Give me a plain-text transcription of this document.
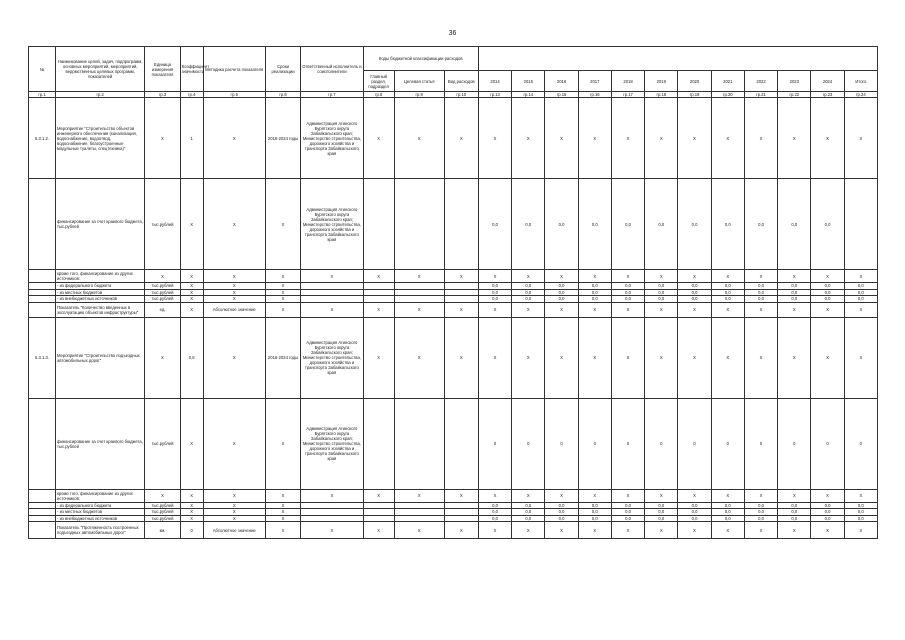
36
№	Наименование целей, задач, подпрограмм, основных мероприятий, мероприятий, ведомственных целевых программ, показателей	Единица измерения показателя	Коэффициент значимости	Методика расчета показателя	Сроки реализации	Ответственный исполнитель и соисполнители	Коды бюджетной классификации расходов														
							Главный раздел, подраздел	Целевая статья	Вид расходов	2014	2015	2016	2017	2018	2019	2020	2021	2022	2023	2024	Итого
гр.1	гр.2	гр.3	гр.4	гр.5	гр.6	гр.7	гр.8	гр.9	гр.10	гр.13	гр.14	гр.15	гр.16	гр.17	гр.18	гр.19	гр.20	гр.21	гр.22	гр.23	гр.24
5.3.1.2.	Мероприятие "Строительство объектов инженерного обеспечения (канализация, водоснабжение, водоотвод, водоснабжение, благоустроенные модульные туалеты, спецтехника)"	X	1	X	2016-2024 годы	Администрация Агинского Бурятского округа Забайкальского края; Министерство строительства, дорожного хозяйства и транспорта Забайкальского края	X	X	X	X	X	X	X	X	X	X	X	X	X	X	X
	финансирование за счет краевого бюджета, тыс.рублей	тыс.рублей	X	X	X	Администрация Агинского Бурятского округа Забайкальского края; Министерство строительства, дорожного хозяйства и транспорта Забайкальского края				0,0	0,0	0,0	0,0	0,0	0,0	0,0	0,0	0,0	0,0	0,0	
	кроме того, финансирование из других источников:	X	X	X	X	X	X	X	X	X	X	X	X	X	X	X	X	X	X	X	X
	- из федерального бюджета	тыс.рублей	X	X	X					0,0	0,0	0,0	0,0	0,0	0,0	0,0	0,0	0,0	0,0	0,0	0,0
	- из местных бюджетов	тыс.рублей	X	X	X					0,0	0,0	0,0	0,0	0,0	0,0	0,0	0,0	0,0	0,0	0,0	0,0
	- из внебюджетных источников	тыс.рублей	X	X	X					0,0	0,0	0,0	0,0	0,0	0,0	0,0	0,0	0,0	0,0	0,0	0,0
	Показатель "Количество введенных в эксплуатацию объектов инфраструктуры"	ед.	X	Абсолютное значение	X	X	X	X	X	X	X	X	X	X	X	X	X	X	X	X	X
5.3.1.3.	Мероприятие "Строительство подъездных автомобильных дорог"	X	0,6	X	2016-2024 годы	Администрация Агинского Бурятского округа Забайкальского края; Министерство строительства, дорожного хозяйства и транспорта Забайкальского края	X	X	X	X	X	X	X	X	X	X	X	X	X	X	X
	финансирование за счет краевого бюджета, тыс.рублей	тыс.рублей	X	X	X	Администрация Агинского Бурятского округа Забайкальского края; Министерство строительства, дорожного хозяйства и транспорта Забайкальского края				0	0	0	0	0	0	0	0	0	0	0	0
	кроме того, финансирование из других источников:	X	X	X	X	X	X	X	X	X	X	X	X	X	X	X	X	X	X	X	X
	- из федерального бюджета	тыс.рублей	X	X	X					0,0	0,0	0,0	0,0	0,0	0,0	0,0	0,0	0,0	0,0	0,0	0,0
	- из местных бюджетов	тыс.рублей	X	X	X					0,0	0,0	0,0	0,0	0,0	0,0	0,0	0,0	0,0	0,0	0,0	0,0
	- из внебюджетных источников	тыс.рублей	X	X	X					0,0	0,0	0,0	0,0	0,0	0,0	0,0	0,0	0,0	0,0	0,0	0,0
	Показатель "Протяженность построенных подъездных автомобильных дорог"	км.	0	Абсолютное значение	X	X	X	X	X	X	X	X	X	X	X	X	X	X	X	X	X
